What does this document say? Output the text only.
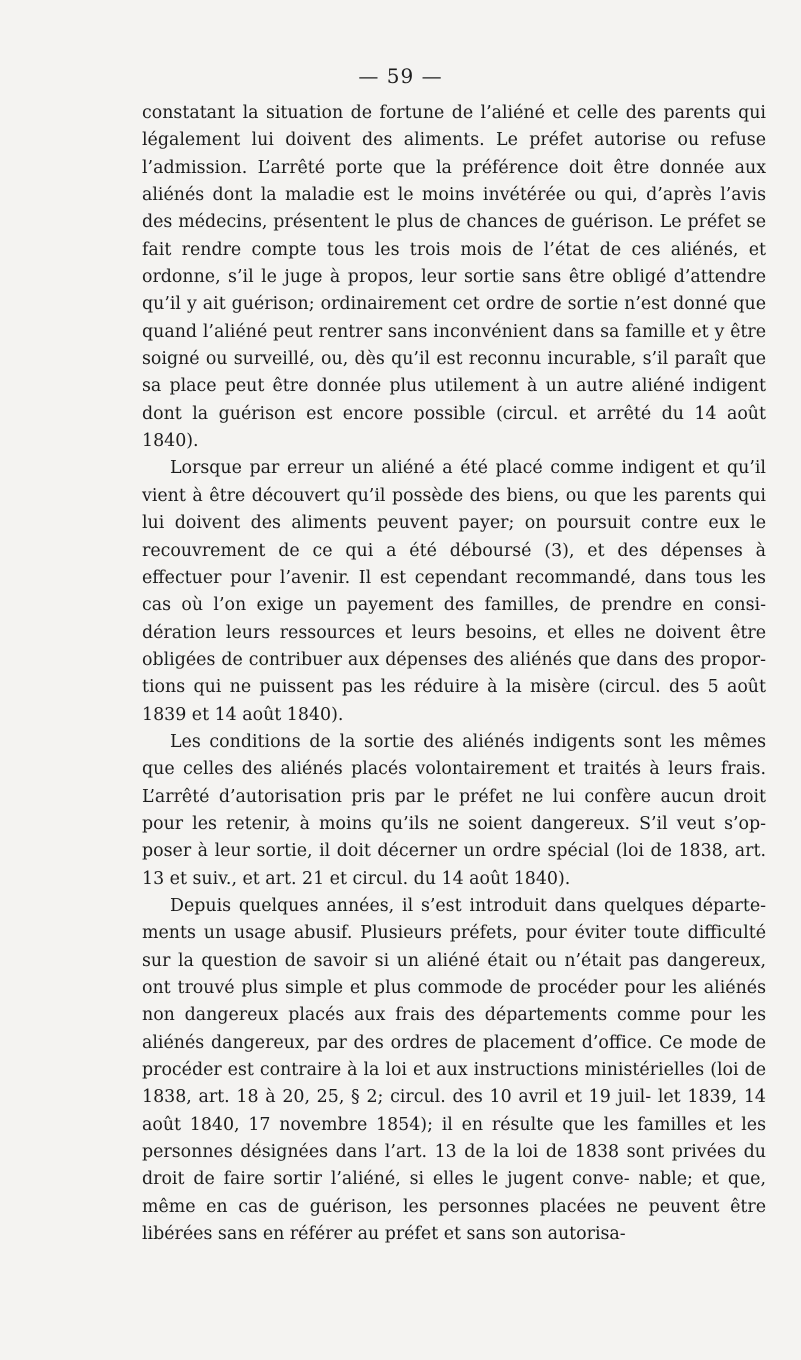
— 59 —

constatant la situation de fortune de l’aliéné et celle des parents qui légalement lui doivent des aliments. Le préfet autorise ou refuse l’admission. L’arrêté porte que la préférence doit être donnée aux aliénés dont la maladie est le moins invétérée ou qui, d’après l’avis des médecins, présentent le plus de chances de guérison. Le préfet se fait rendre compte tous les trois mois de l’état de ces aliénés, et ordonne, s’il le juge à propos, leur sortie sans être obligé d’attendre qu’il y ait guérison; ordinairement cet ordre de sortie n’est donné que quand l’aliéné peut rentrer sans inconvénient dans sa famille et y être soigné ou surveillé, ou, dès qu’il est reconnu incurable, s’il paraît que sa place peut être donnée plus utilement à un autre aliéné indigent dont la guérison est encore possible (circul. et arrêté du 14 août 1840).

Lorsque par erreur un aliéné a été placé comme indigent et qu’il vient à être découvert qu’il possède des biens, ou que les parents qui lui doivent des aliments peuvent payer; on poursuit contre eux le recouvrement de ce qui a été déboursé (3), et des dépenses à effectuer pour l’avenir. Il est cependant recommandé, dans tous les cas où l’on exige un payement des familles, de prendre en consi- dération leurs ressources et leurs besoins, et elles ne doivent être obligées de contribuer aux dépenses des aliénés que dans des propor- tions qui ne puissent pas les réduire à la misère (circul. des 5 août 1839 et 14 août 1840).

Les conditions de la sortie des aliénés indigents sont les mêmes que celles des aliénés placés volontairement et traités à leurs frais. L’arrêté d’autorisation pris par le préfet ne lui confère aucun droit pour les retenir, à moins qu’ils ne soient dangereux. S’il veut s’op- poser à leur sortie, il doit décerner un ordre spécial (loi de 1838, art. 13 et suiv., et art. 21 et circul. du 14 août 1840).

Depuis quelques années, il s’est introduit dans quelques départe- ments un usage abusif. Plusieurs préfets, pour éviter toute difficulté sur la question de savoir si un aliéné était ou n’était pas dangereux, ont trouvé plus simple et plus commode de procéder pour les aliénés non dangereux placés aux frais des départements comme pour les aliénés dangereux, par des ordres de placement d’office. Ce mode de procéder est contraire à la loi et aux instructions ministérielles (loi de 1838, art. 18 à 20, 25, § 2; circul. des 10 avril et 19 juil- let 1839, 14 août 1840, 17 novembre 1854); il en résulte que les familles et les personnes désignées dans l’art. 13 de la loi de 1838 sont privées du droit de faire sortir l’aliéné, si elles le jugent conve- nable; et que, même en cas de guérison, les personnes placées ne peuvent être libérées sans en référer au préfet et sans son autorisa-
